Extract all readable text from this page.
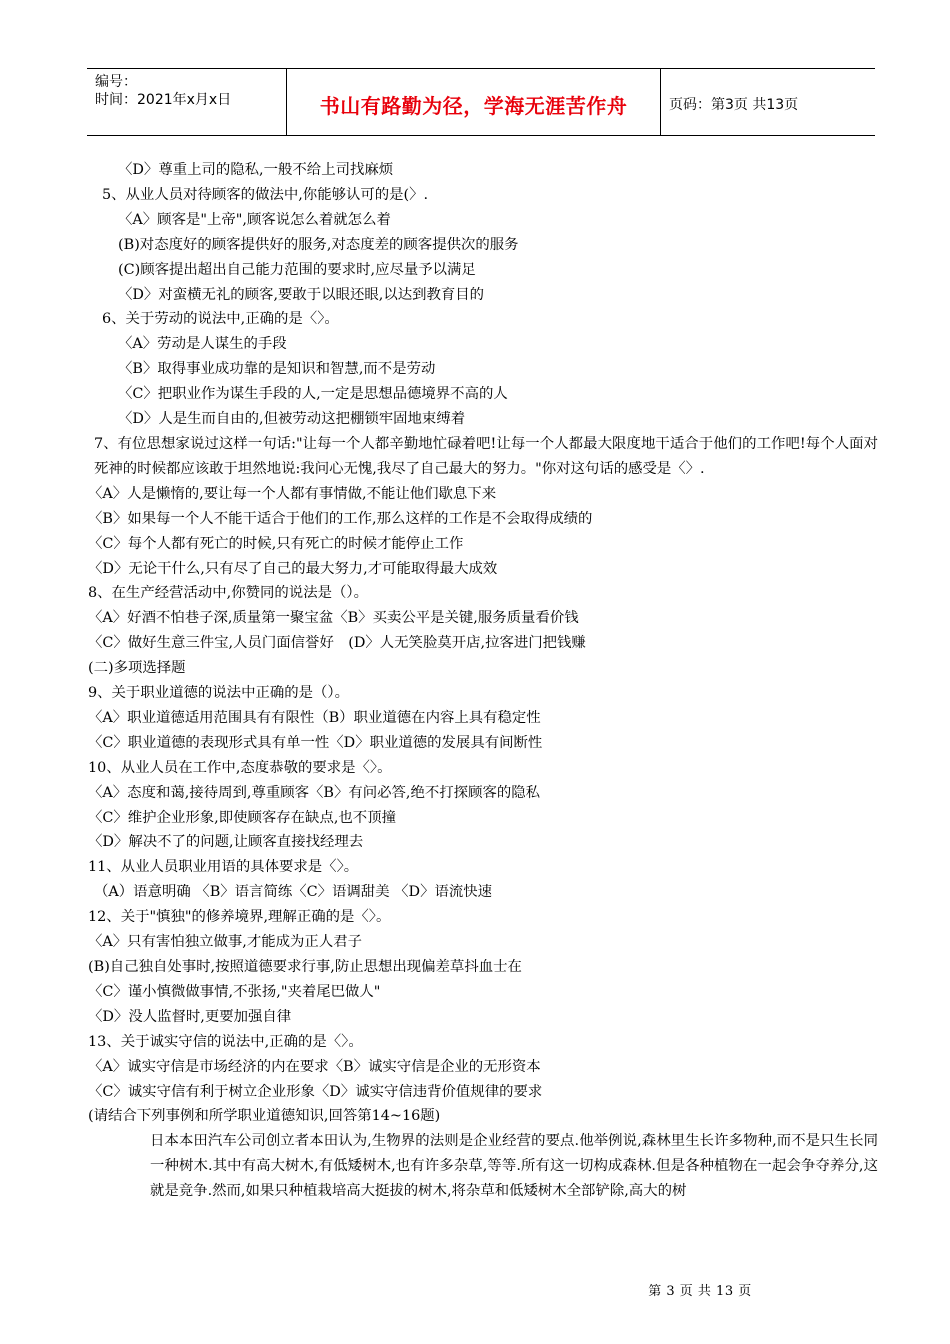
编号：
时间：2021年x月x日	书山有路勤为径，学海无涯苦作舟	页码：第3页 共13页
〈D〉尊重上司的隐私,一般不给上司找麻烦
5、从业人员对待顾客的做法中,你能够认可的是(〉.
〈A〉顾客是"上帝",顾客说怎么着就怎么着
(B)对态度好的顾客提供好的服务,对态度差的顾客提供次的服务
(C)顾客提出超出自己能力范围的要求时,应尽量予以满足
〈D〉对蛮横无礼的顾客,要敢于以眼还眼,以达到教育目的
6、关于劳动的说法中,正确的是〈〉。
〈A〉劳动是人谋生的手段
〈B〉取得事业成功靠的是知识和智慧,而不是劳动
〈C〉把职业作为谋生手段的人,一定是思想品德境界不高的人
〈D〉人是生而自由的,但被劳动这把棚锁牢固地束缚着
7、有位思想家说过这样一句话:"让每一个人都辛勤地忙碌着吧!让每一个人都最大限度地干适合于他们的工作吧!每个人面对死神的时候都应该敢于坦然地说:我问心无愧,我尽了自己最大的努力。"你对这句话的感受是〈〉.
〈A〉人是懒惰的,要让每一个人都有事情做,不能让他们歇息下来
〈B〉如果每一个人不能干适合于他们的工作,那么这样的工作是不会取得成绩的
〈C〉每个人都有死亡的时候,只有死亡的时候才能停止工作
〈D〉无论干什么,只有尽了自己的最大努力,才可能取得最大成效
8、在生产经营活动中,你赞同的说法是（）。
〈A〉好酒不怕巷子深,质量第一聚宝盆〈B〉买卖公平是关键,服务质量看价钱
〈C〉做好生意三件宝,人员门面信誉好　(D〉人无笑脸莫开店,拉客进门把钱赚
(二)多项选择题
9、关于职业道德的说法中正确的是（）。
〈A〉职业道德适用范围具有有限性（B）职业道德在内容上具有稳定性
〈C〉职业道德的表现形式具有单一性〈D〉职业道德的发展具有间断性
10、从业人员在工作中,态度恭敬的要求是〈〉。
〈A〉态度和蔼,接待周到,尊重顾客〈B〉有问必答,绝不打探顾客的隐私
〈C〉维护企业形象,即使顾客存在缺点,也不顶撞
〈D〉解决不了的问题,让顾客直接找经理去
11、从业人员职业用语的具体要求是〈〉。
（A）语意明确 〈B〉语言简练〈C〉语调甜美 〈D〉语流快速
12、关于"慎独"的修养境界,理解正确的是〈〉。
〈A〉只有害怕独立做事,才能成为正人君子
(B)自己独自处事时,按照道德要求行事,防止思想出现偏差草抖血士在
〈C〉谨小慎微做事情,不张扬,"夹着尾巴做人"
〈D〉没人监督时,更要加强自律
13、关于诚实守信的说法中,正确的是〈〉。
〈A〉诚实守信是市场经济的内在要求〈B〉诚实守信是企业的无形资本
〈C〉诚实守信有利于树立企业形象〈D〉诚实守信违背价值规律的要求
(请结合下列事例和所学职业道德知识,回答第14~16题)
日本本田汽车公司创立者本田认为,生物界的法则是企业经营的要点.他举例说,森林里生长许多物种,而不是只生长同一种树木.其中有高大树木,有低矮树木,也有许多杂草,等等.所有这一切构成森林.但是各种植物在一起会争夺养分,这就是竞争.然而,如果只种植栽培高大挺拔的树木,将杂草和低矮树木全部铲除,高大的树
第 3 页 共 13 页
